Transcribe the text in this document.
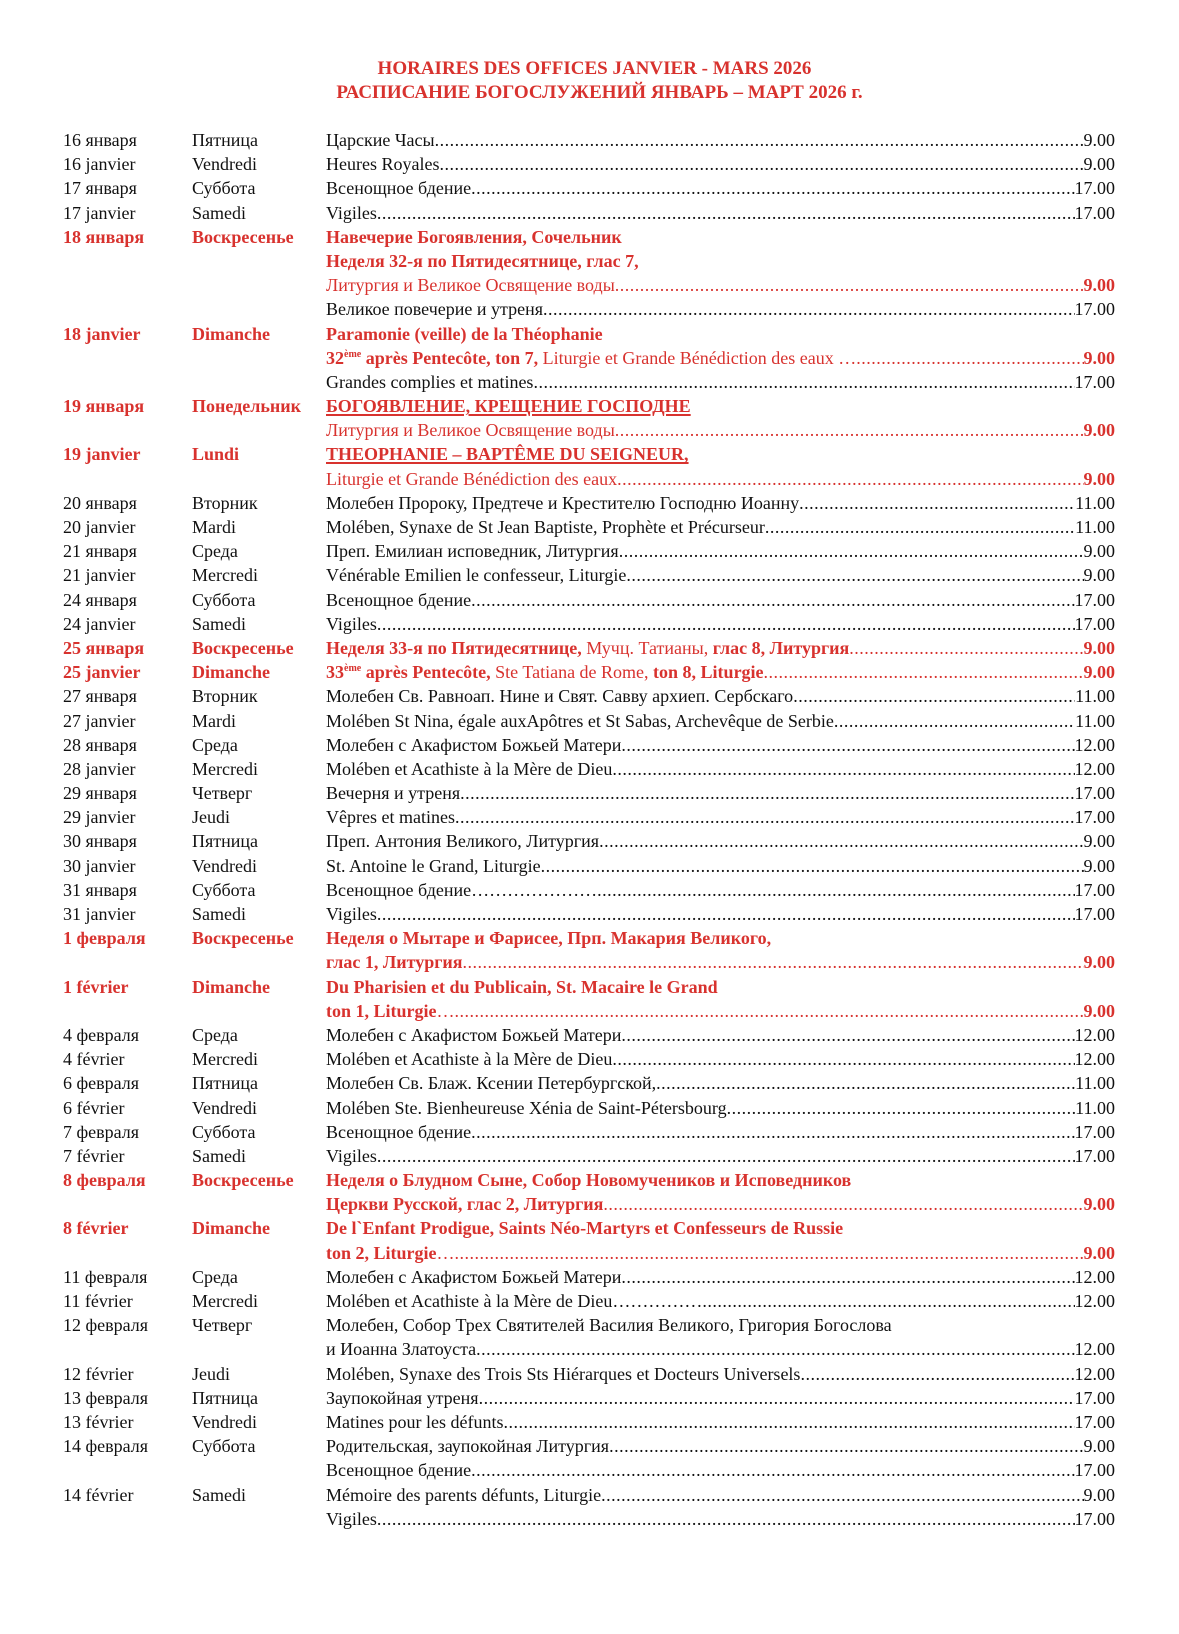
HORAIRES DES OFFICES JANVIER - MARS 2026
РАСПИСАНИЕ БОГОСЛУЖЕНИЙ ЯНВАРЬ – МАРТ 2026 г.
16 января	Пятница	Царские Часы .....	9.00
16 janvier	Vendredi	Heures Royales .....	9.00
17 января	Суббота	Всенощное бдение .....	17.00
17 janvier	Samedi	Vigiles .....	17.00
18 января	Воскресенье Навечерие Богоявления, Сочельник
Неделя 32-я по Пятидесятнице, глас 7,
Литургия и Великое Освящение воды .....	9.00
Великое повечерие и утреня .....	17.00
18 janvier	Dimanche	Paramonie (veille) de la Théophanie
32ème après Pentecôte, ton 7, Liturgie et Grande Bénédiction des eaux … .....	9.00
Grandes complies et matines .....	17.00
19 января	Понедельник БОГОЯВЛЕНИЕ, КРЕЩЕНИЕ ГОСПОДНЕ
Литургия и Великое Освящение воды .....	9.00
19 janvier	Lundi	THEOPHANIE – BAPTÊME DU SEIGNEUR,
Liturgie et Grande Bénédiction des eaux .....	9.00
20 января	Вторник	Молебен Пророку, Предтече и Крестителю Господню Иоанну .....	11.00
20 janvier	Mardi	Molében, Synaxe de St Jean Baptiste, Prophète et Précurseur .....	11.00
21 января	Среда	Преп. Емилиан исповедник, Литургия .....	9.00
21 janvier	Mercredi	Vénérable Emilien le confesseur, Liturgie .....	9.00
24 января	Суббота	Всенощное бдение .....	17.00
24 janvier	Samedi	Vigiles .....	17.00
25 января	Воскресенье Неделя 33-я по Пятидесятнице, Мучц. Татианы, глас 8, Литургия .....	9.00
25 janvier	Dimanche	33ème après Pentecôte, Ste Tatiana de Rome, ton 8, Liturgie .....	9.00
27 января	Вторник	Молебен Св. Равноап. Нине и Свят. Савву архиеп. Сербскаго .....	11.00
27 janvier	Mardi	Molében St Nina, égale auxApôtres et St Sabas, Archevêque de Serbie .....	11.00
28 января	Среда	Молебен с Акафистом Божьей Матери .....	12.00
28 janvier	Mercredi	Molében et Acathiste à la Mère de Dieu .....	12.00
29 января	Четверг	Вечерня и утреня .....	17.00
29 janvier	Jeudi	Vêpres et matines .....	17.00
30 января	Пятница	Преп. Антония Великого, Литургия .....	9.00
30 janvier	Vendredi	St. Antoine le Grand, Liturgie .....	9.00
31 января	Суббота	Всенощное бдение………………… .....	17.00
31 janvier	Samedi	Vigiles .....	17.00
1 февраля	Воскресенье Неделя о Мытаре и Фарисее, Прп. Макария Великого,
глас 1, Литургия .....	9.00
1 février	Dimanche	Du Pharisien et du Publicain, St. Macaire le Grand
ton 1, Liturgie… .....	9.00
4 февраля	Среда	Молебен с Акафистом Божьей Матери .....	12.00
4 février	Mercredi	Molében et Acathiste à la Mère de Dieu .....	12.00
6 февраля	Пятница	Молебен Св. Блаж. Ксении Петербургской, .....	11.00
6 février	Vendredi	Molében Ste. Bienheureuse Xénia de Saint-Pétersbourg .....	11.00
7 февраля	Суббота	Всенощное бдение .....	17.00
7 février	Samedi	Vigiles .....	17.00
8 февраля	Воскресенье Неделя о Блудном Сыне, Собор Новомучеников и Исповедников
Церкви Русской, глас 2, Литургия .....	9.00
8 février	Dimanche	De l`Enfant Prodigue, Saints Néo-Martyrs et Confesseurs de Russie
ton 2, Liturgie… .....	9.00
11 февраля Среда	Молебен с Акафистом Божьей Матери .....	12.00
11 février	Mercredi	Molében et Acathiste à la Mère de Dieu…………… .....	12.00
12 февраля Четверг	Молебен, Собор Трех Святителей Василия Великого, Григория Богослова
и Иоанна Златоуста .....	12.00
12 février	Jeudi	Molében, Synaxe des Trois Sts Hiérarques et Docteurs Universels .....	12.00
13 февраля Пятница	Заупокойная утреня .....	17.00
13 février	Vendredi	Matines pour les défunts .....	17.00
14 февраля Суббота	Родительская, заупокойная Литургия .....	9.00
Всенощное бдение .....	17.00
14 février	Samedi	Mémoire des parents défunts, Liturgie .....	9.00
Vigiles .....	17.00
